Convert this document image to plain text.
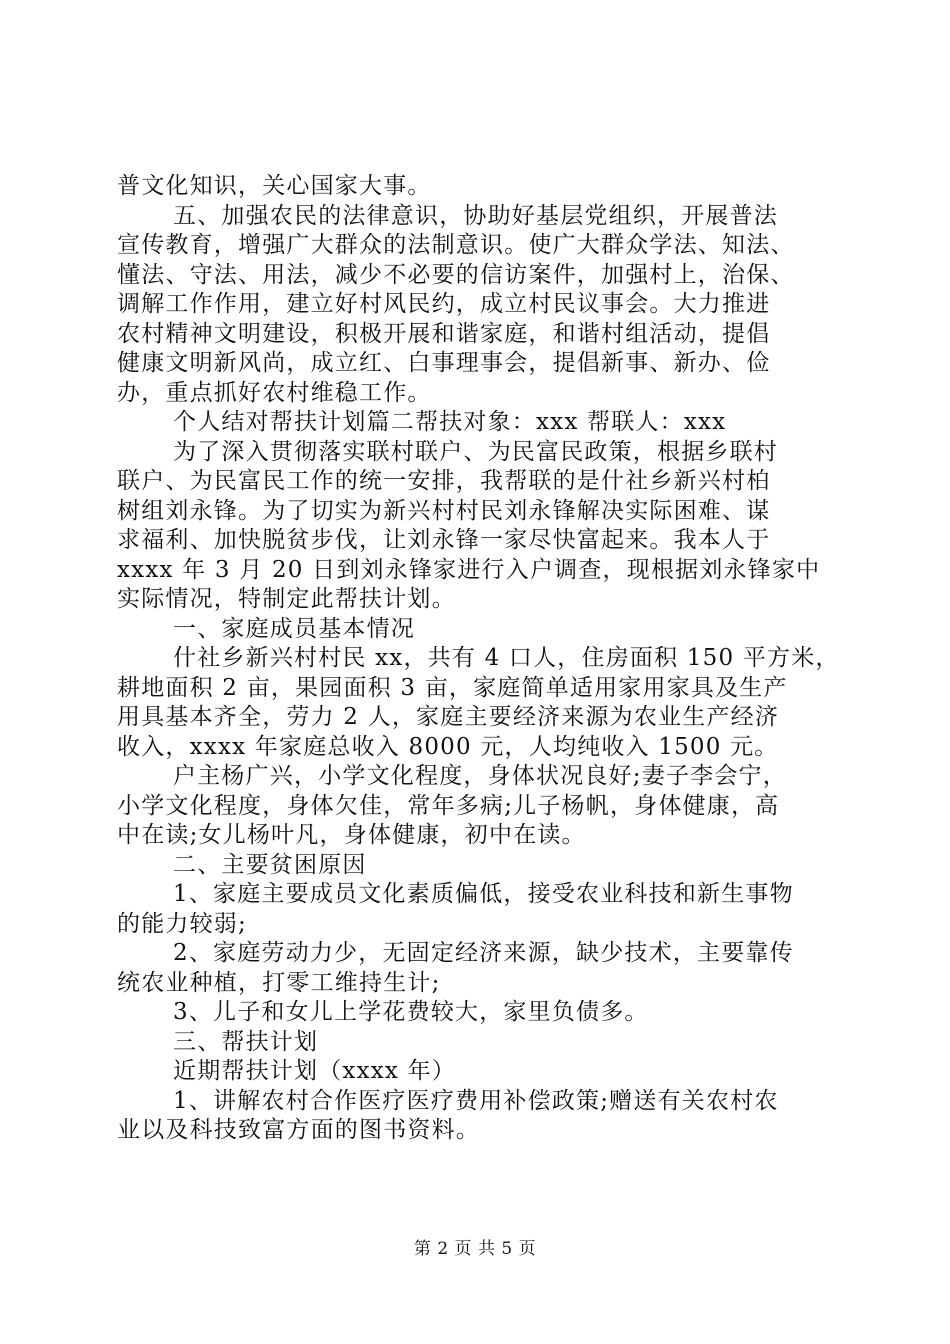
普文化知识，关心国家大事。
五、加强农民的法律意识，协助好基层党组织，开展普法
宣传教育，增强广大群众的法制意识。使广大群众学法、知法、
懂法、守法、用法，减少不必要的信访案件，加强村上，治保、
调解工作作用，建立好村风民约，成立村民议事会。大力推进
农村精神文明建设，积极开展和谐家庭，和谐村组活动，提倡
健康文明新风尚，成立红、白事理事会，提倡新事、新办、俭
办，重点抓好农村维稳工作。
个人结对帮扶计划篇二帮扶对象：xxx 帮联人：xxx
为了深入贯彻落实联村联户、为民富民政策，根据乡联村
联户、为民富民工作的统一安排，我帮联的是什社乡新兴村柏
树组刘永锋。为了切实为新兴村村民刘永锋解决实际困难、谋
求福利、加快脱贫步伐，让刘永锋一家尽快富起来。我本人于
xxxx 年 3 月 20 日到刘永锋家进行入户调查，现根据刘永锋家中
实际情况，特制定此帮扶计划。
一、家庭成员基本情况
什社乡新兴村村民 xx，共有 4 口人，住房面积 150 平方米，
耕地面积 2 亩，果园面积 3 亩，家庭简单适用家用家具及生产
用具基本齐全，劳力 2 人，家庭主要经济来源为农业生产经济
收入，xxxx 年家庭总收入 8000 元，人均纯收入 1500 元。
户主杨广兴，小学文化程度，身体状况良好;妻子李会宁，
小学文化程度，身体欠佳，常年多病;儿子杨帆，身体健康，高
中在读;女儿杨叶凡，身体健康，初中在读。
二、主要贫困原因
1、家庭主要成员文化素质偏低，接受农业科技和新生事物
的能力较弱;
2、家庭劳动力少，无固定经济来源，缺少技术，主要靠传
统农业种植，打零工维持生计;
3、儿子和女儿上学花费较大，家里负债多。
三、帮扶计划
近期帮扶计划（xxxx 年）
1、讲解农村合作医疗医疗费用补偿政策;赠送有关农村农
业以及科技致富方面的图书资料。
第 2 页 共 5 页
